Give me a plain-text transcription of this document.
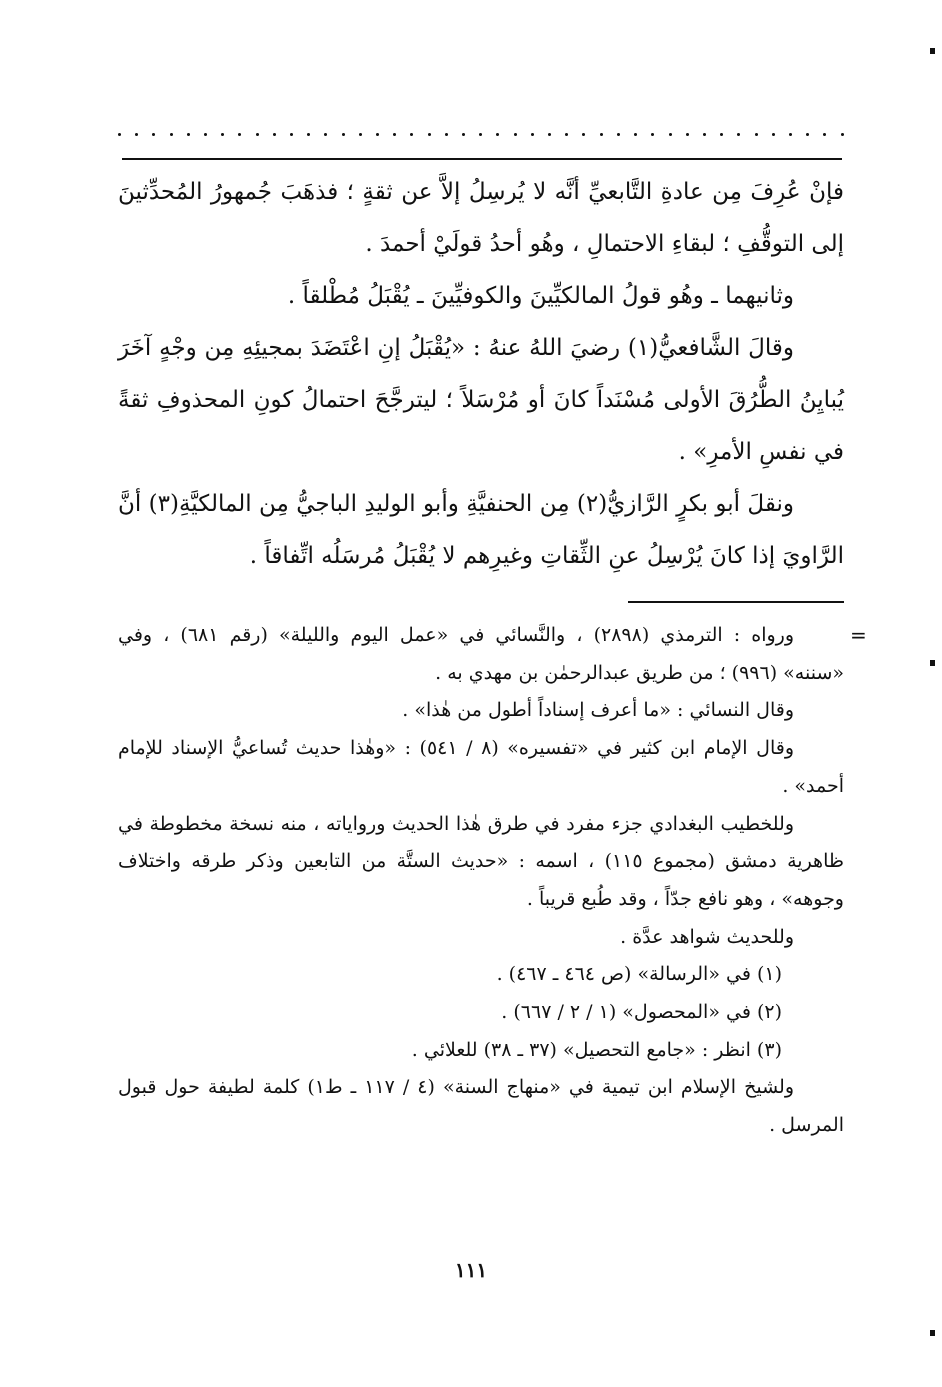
فإنْ عُرِفَ مِن عادةِ التَّابعيِّ أنَّه لا يُرسِلُ إلاَّ عن ثقةٍ ؛ فذهَبَ جُمهورُ المُحدِّثينَ إلى التوقُّفِ ؛ لبقاءِ الاحتمالِ ، وهُو أحدُ قولَيْ أحمدَ .

وثانيهما ـ وهُو قولُ المالكيِّينَ والكوفيِّينَ ـ يُقْبَلُ مُطْلقاً .

وقالَ الشَّافعيُّ(١) رضيَ اللهُ عنهُ : «يُقْبَلُ إنِ اعْتَضَدَ بمجيئِهِ مِن وجْهٍ آخَرَ يُبايِنُ الطُّرُقَ الأولى مُسْنَداً كانَ أو مُرْسَلاً ؛ ليترجَّحَ احتمالُ كونِ المحذوفِ ثقةً في نفسِ الأمرِ» .

ونقلَ أبو بكرٍ الرَّازيُّ(٢) مِن الحنفيَّةِ وأبو الوليدِ الباجيُّ مِن المالكيَّةِ(٣) أنَّ الرَّاويَ إذا كانَ يُرْسِلُ عنِ الثِّقاتِ وغيرِهم لا يُقْبَلُ مُرسَلُه اتِّفاقاً .

=

ورواه : الترمذي (٢٨٩٨) ، والنَّسائي في «عمل اليوم والليلة» (رقم ٦٨١) ، وفي «سننه» (٩٩٦) ؛ من طريق عبدالرحمٰن بن مهدي به .

وقال النسائي : «ما أعرف إسناداً أطول من هٰذا» .

وقال الإمام ابن كثير في «تفسيره» (٨ / ٥٤١) : «وهٰذا حديث تُساعيُّ الإسناد للإمام أحمد» .

وللخطيب البغدادي جزء مفرد في طرق هٰذا الحديث ورواياته ، منه نسخة مخطوطة في ظاهرية دمشق (مجموع ١١٥) ، اسمه : «حديث الستَّة من التابعين وذكر طرقه واختلاف وجوهه» ، وهو نافع جدّاً ، وقد طُبع قريباً .

وللحديث شواهد عدَّة .

(١) في «الرسالة» (ص ٤٦٤ ـ ٤٦٧) .

(٢) في «المحصول» (١ / ٢ / ٦٦٧) .

(٣) انظر : «جامع التحصيل» (٣٧ ـ ٣٨) للعلائي .

ولشيخ الإسلام ابن تيمية في «منهاج السنة» (٤ / ١١٧ ـ ط١) كلمة لطيفة حول قبول المرسل .

١١١
